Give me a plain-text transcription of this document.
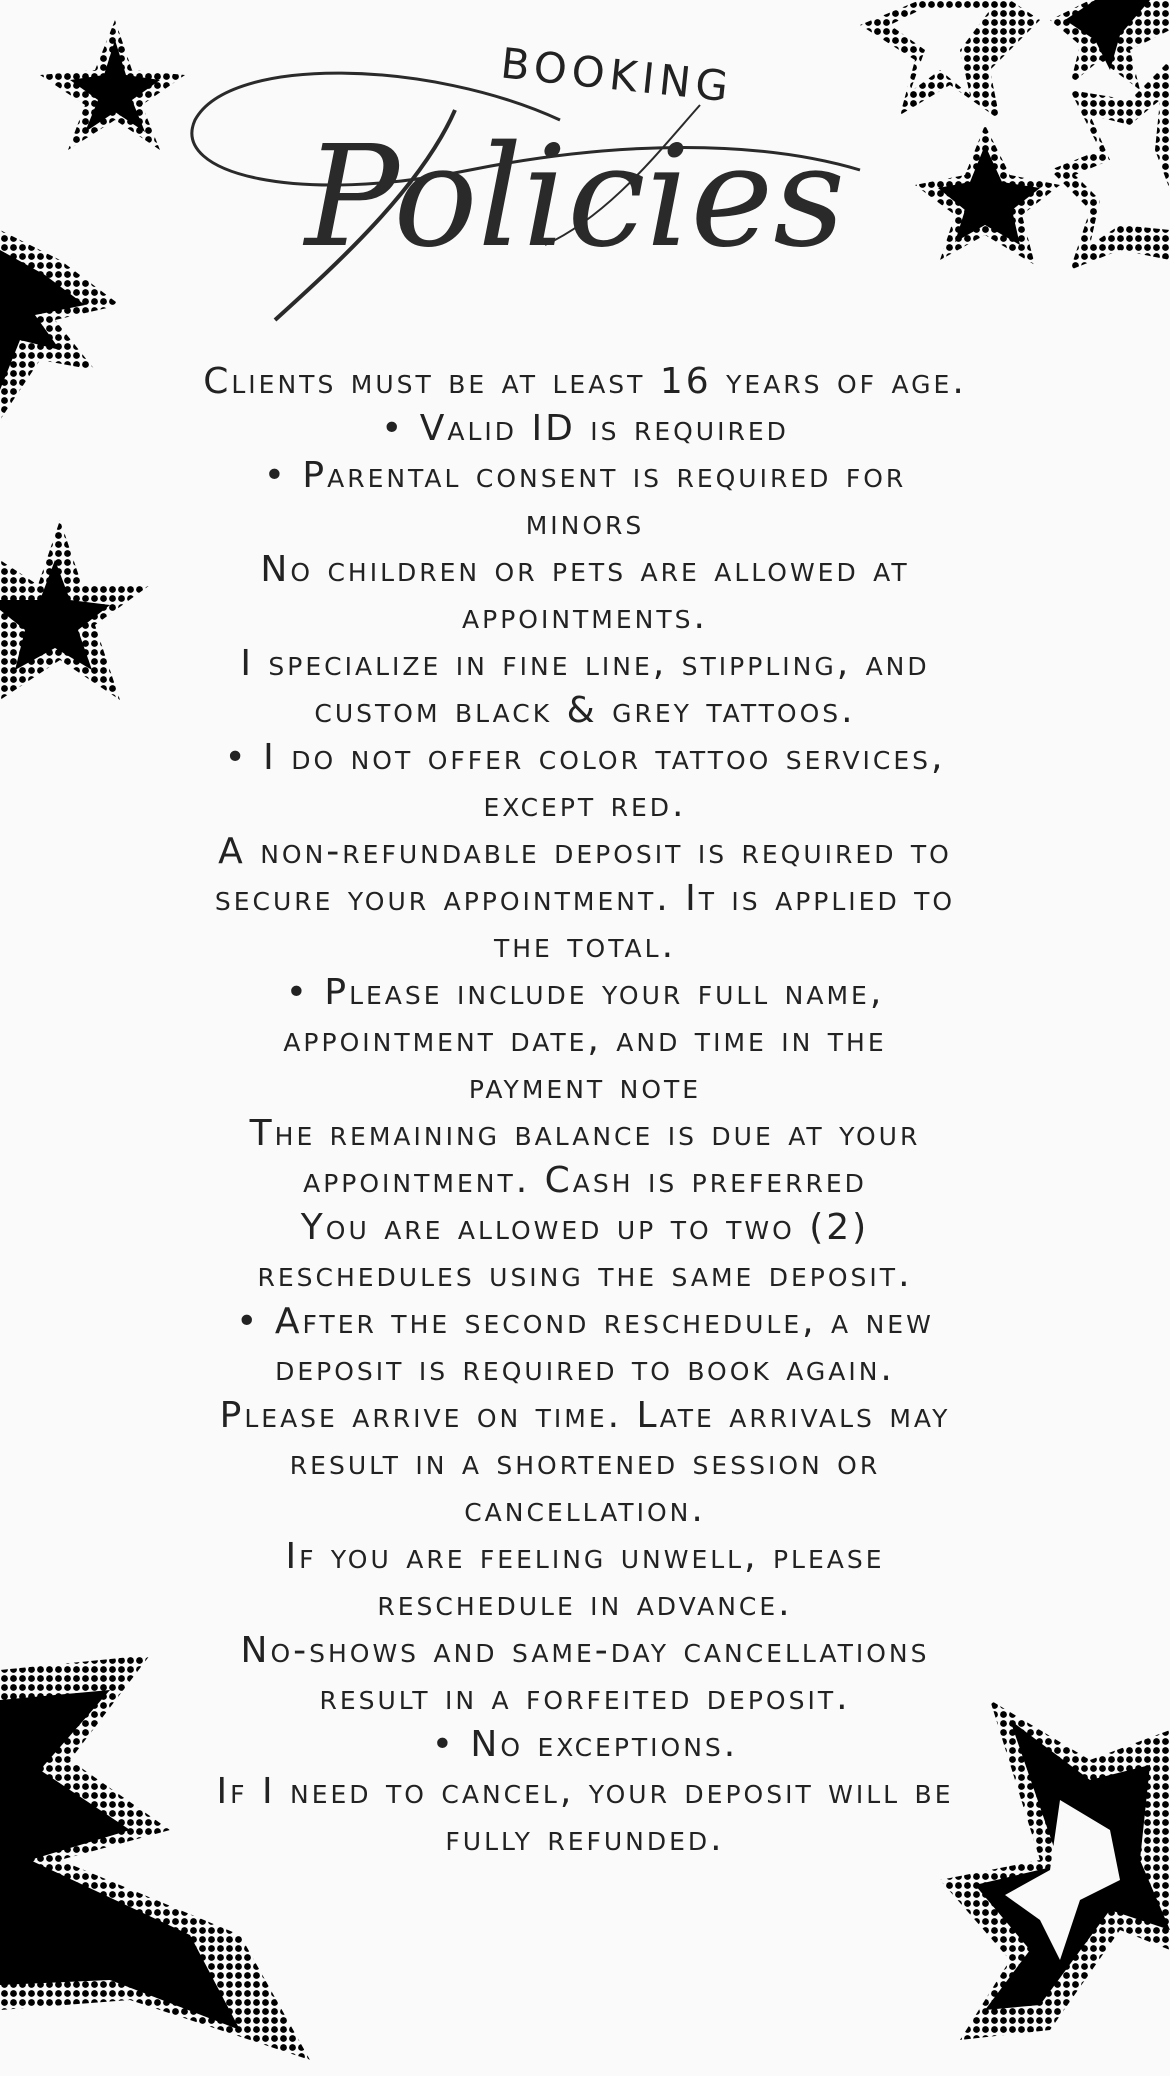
BOOKING
Policies
Clients must be at least 16 years of age.
• Valid ID is required
• Parental consent is required for
minors
No children or pets are allowed at
appointments.
I specialize in fine line, stippling, and
custom black & grey tattoos.
• I do not offer color tattoo services,
except red.
A non-refundable deposit is required to
secure your appointment. It is applied to
the total.
• Please include your full name,
appointment date, and time in the
payment note
The remaining balance is due at your
appointment. Cash is preferred
You are allowed up to two (2)
reschedules using the same deposit.
• After the second reschedule, a new
deposit is required to book again.
Please arrive on time. Late arrivals may
result in a shortened session or
cancellation.
If you are feeling unwell, please
reschedule in advance.
No-shows and same-day cancellations
result in a forfeited deposit.
• No exceptions.
If I need to cancel, your deposit will be
fully refunded.
